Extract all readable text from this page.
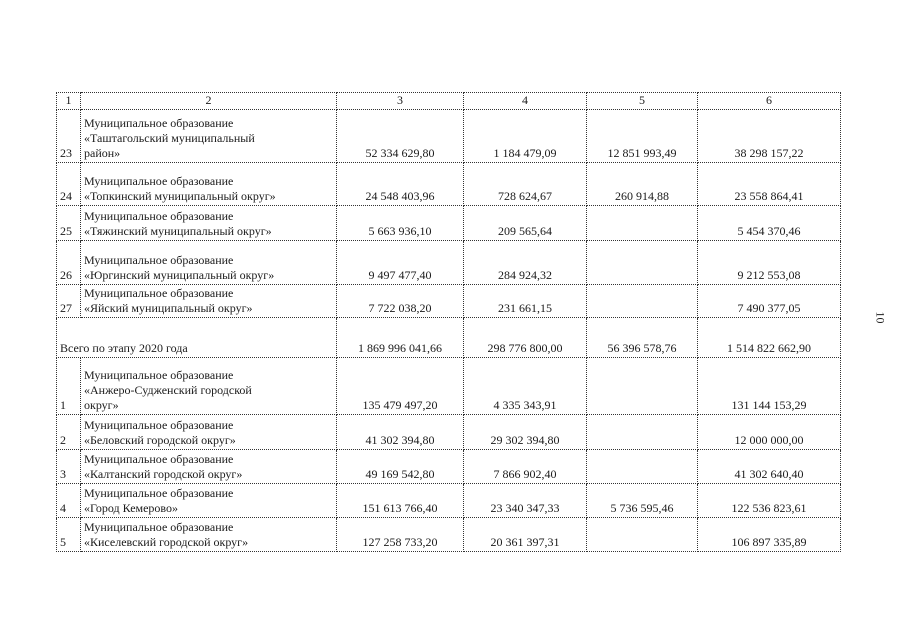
1	2	3	4	5	6
23	Муниципальное образование
«Таштагольский муниципальный
район»	52 334 629,80	1 184 479,09	12 851 993,49	38 298 157,22
24	Муниципальное образование
«Топкинский муниципальный округ»	24 548 403,96	728 624,67	260 914,88	23 558 864,41
25	Муниципальное образование
«Тяжинский муниципальный округ»	5 663 936,10	209 565,64		5 454 370,46
26	Муниципальное образование
«Юргинский муниципальный округ»	9 497 477,40	284 924,32		9 212 553,08
27	Муниципальное образование
«Яйский муниципальный округ»	7 722 038,20	231 661,15		7 490 377,05
Всего по этапу 2020 года		1 869 996 041,66	298 776 800,00	56 396 578,76	1 514 822 662,90
1	Муниципальное образование
«Анжеро-Судженский городской
округ»	135 479 497,20	4 335 343,91		131 144 153,29
2	Муниципальное образование
«Беловский городской округ»	41 302 394,80	29 302 394,80		12 000 000,00
3	Муниципальное образование
«Калтанский городской округ»	49 169 542,80	7 866 902,40		41 302 640,40
4	Муниципальное образование
«Город Кемерово»	151 613 766,40	23 340 347,33	5 736 595,46	122 536 823,61
5	Муниципальное образование
«Киселевский городской округ»	127 258 733,20	20 361 397,31		106 897 335,89
10
